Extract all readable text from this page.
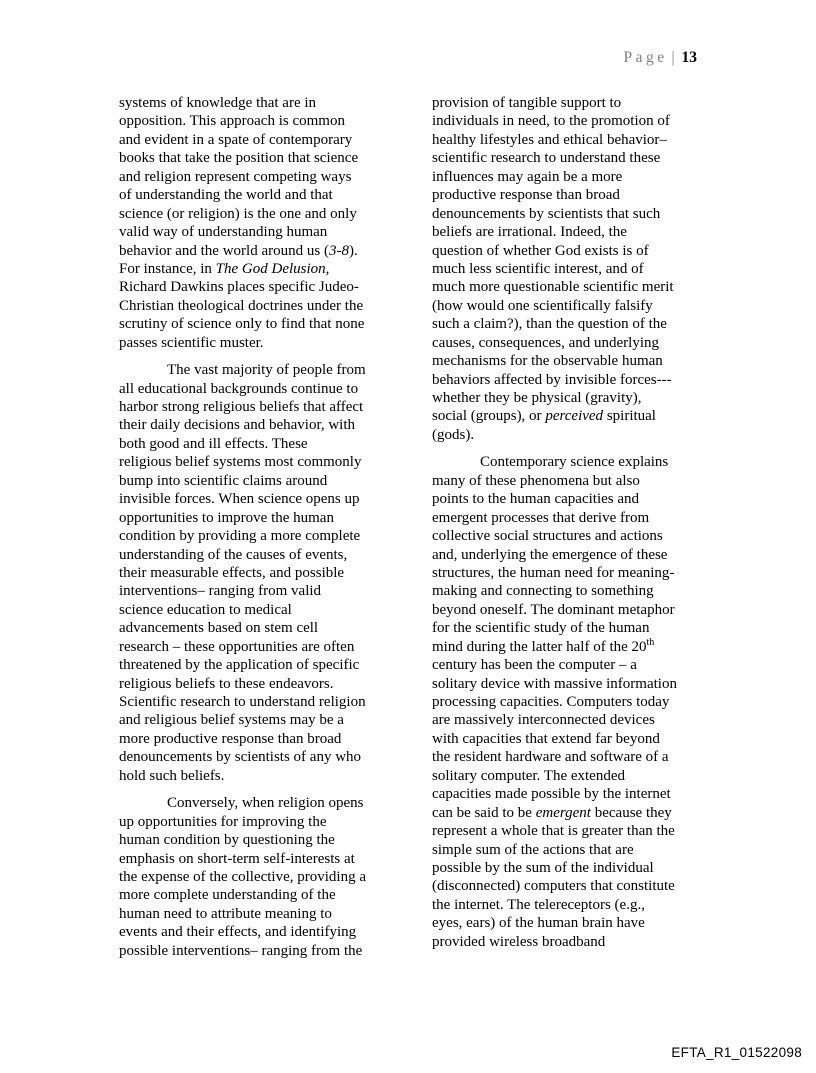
Page | 13
systems of knowledge that are in
opposition. This approach is common
and evident in a spate of contemporary
books that take the position that science
and religion represent competing ways
of understanding the world and that
science (or religion) is the one and only
valid way of understanding human
behavior and the world around us (3-8).
For instance, in The God Delusion,
Richard Dawkins places specific Judeo-
Christian theological doctrines under the
scrutiny of science only to find that none
passes scientific muster.
The vast majority of people from
all educational backgrounds continue to
harbor strong religious beliefs that affect
their daily decisions and behavior, with
both good and ill effects. These
religious belief systems most commonly
bump into scientific claims around
invisible forces. When science opens up
opportunities to improve the human
condition by providing a more complete
understanding of the causes of events,
their measurable effects, and possible
interventions– ranging from valid
science education to medical
advancements based on stem cell
research – these opportunities are often
threatened by the application of specific
religious beliefs to these endeavors.
Scientific research to understand religion
and religious belief systems may be a
more productive response than broad
denouncements by scientists of any who
hold such beliefs.
Conversely, when religion opens
up opportunities for improving the
human condition by questioning the
emphasis on short-term self-interests at
the expense of the collective, providing a
more complete understanding of the
human need to attribute meaning to
events and their effects, and identifying
possible interventions– ranging from the
provision of tangible support to
individuals in need, to the promotion of
healthy lifestyles and ethical behavior–
scientific research to understand these
influences may again be a more
productive response than broad
denouncements by scientists that such
beliefs are irrational. Indeed, the
question of whether God exists is of
much less scientific interest, and of
much more questionable scientific merit
(how would one scientifically falsify
such a claim?), than the question of the
causes, consequences, and underlying
mechanisms for the observable human
behaviors affected by invisible forces---
whether they be physical (gravity),
social (groups), or perceived spiritual
(gods).
Contemporary science explains
many of these phenomena but also
points to the human capacities and
emergent processes that derive from
collective social structures and actions
and, underlying the emergence of these
structures, the human need for meaning-
making and connecting to something
beyond oneself. The dominant metaphor
for the scientific study of the human
mind during the latter half of the 20th
century has been the computer – a
solitary device with massive information
processing capacities. Computers today
are massively interconnected devices
with capacities that extend far beyond
the resident hardware and software of a
solitary computer. The extended
capacities made possible by the internet
can be said to be emergent because they
represent a whole that is greater than the
simple sum of the actions that are
possible by the sum of the individual
(disconnected) computers that constitute
the internet. The telereceptors (e.g.,
eyes, ears) of the human brain have
provided wireless broadband
EFTA_R1_01522098
